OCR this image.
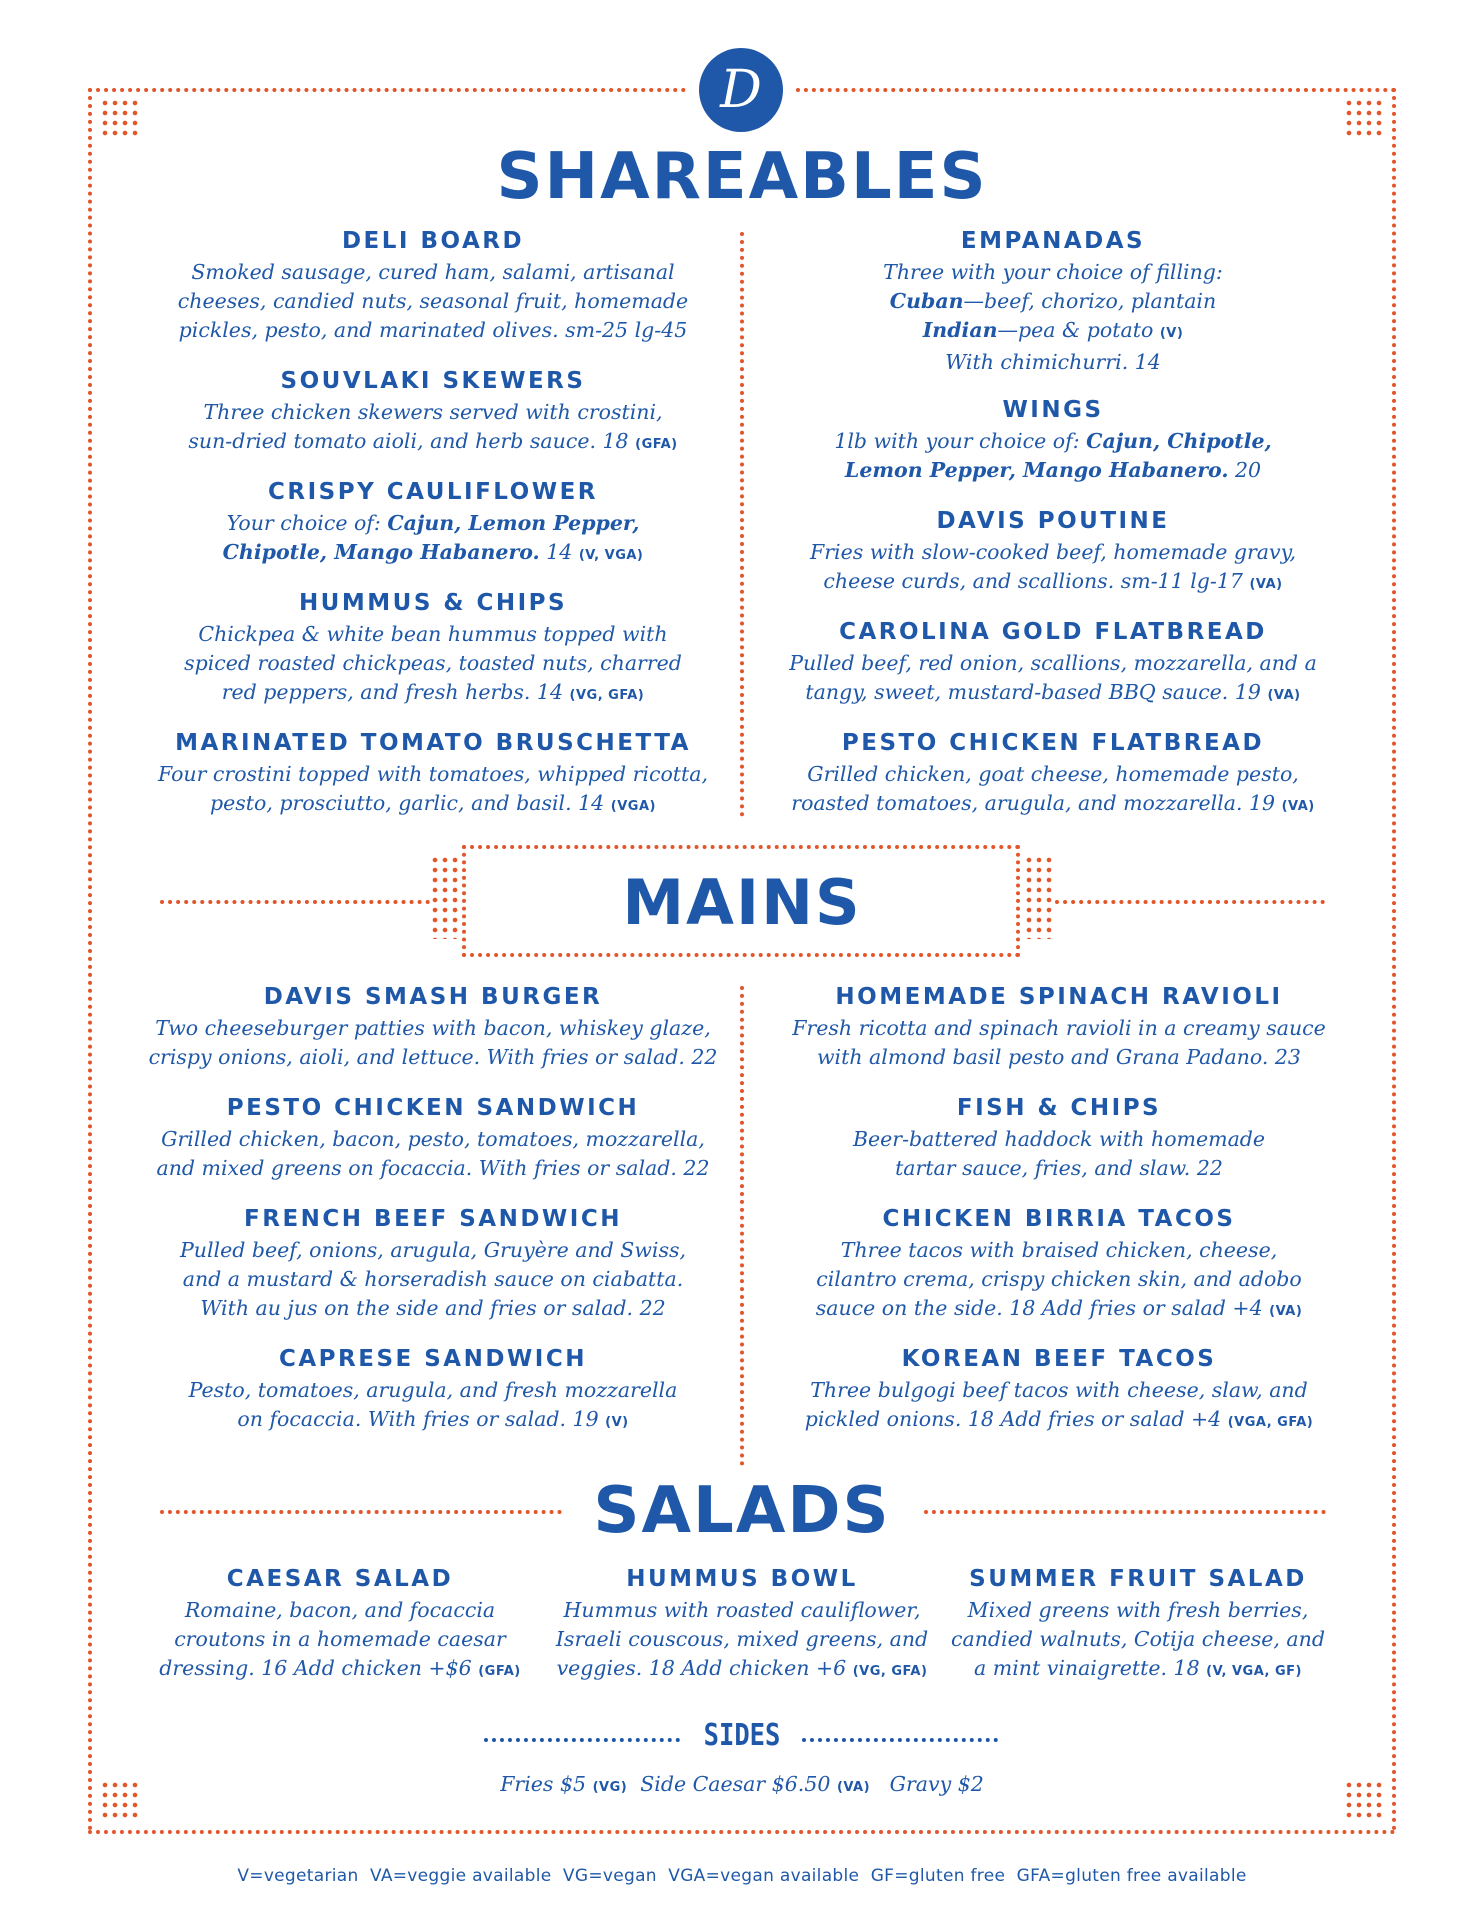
D
SHAREABLES
DELI BOARD
Smoked sausage, cured ham, salami, artisanal
cheeses, candied nuts, seasonal fruit, homemade
pickles, pesto, and marinated olives. sm-25 lg-45
SOUVLAKI SKEWERS
Three chicken skewers served with crostini,
sun-dried tomato aioli, and herb sauce. 18 (GFA)
CRISPY CAULIFLOWER
Your choice of: Cajun, Lemon Pepper,
Chipotle, Mango Habanero. 14 (V, VGA)
HUMMUS & CHIPS
Chickpea & white bean hummus topped with
spiced roasted chickpeas, toasted nuts, charred
red peppers, and fresh herbs. 14 (VG, GFA)
MARINATED TOMATO BRUSCHETTA
Four crostini topped with tomatoes, whipped ricotta,
pesto, prosciutto, garlic, and basil. 14 (VGA)
EMPANADAS
Three with your choice of filling:
Cuban—beef, chorizo, plantain
Indian—pea & potato (V)
With chimichurri. 14
WINGS
1lb with your choice of: Cajun, Chipotle,
Lemon Pepper, Mango Habanero. 20
DAVIS POUTINE
Fries with slow-cooked beef, homemade gravy,
cheese curds, and scallions. sm-11 lg-17 (VA)
CAROLINA GOLD FLATBREAD
Pulled beef, red onion, scallions, mozzarella, and a
tangy, sweet, mustard-based BBQ sauce. 19 (VA)
PESTO CHICKEN FLATBREAD
Grilled chicken, goat cheese, homemade pesto,
roasted tomatoes, arugula, and mozzarella. 19 (VA)
MAINS
DAVIS SMASH BURGER
Two cheeseburger patties with bacon, whiskey glaze,
crispy onions, aioli, and lettuce. With fries or salad. 22
PESTO CHICKEN SANDWICH
Grilled chicken, bacon, pesto, tomatoes, mozzarella,
and mixed greens on focaccia. With fries or salad. 22
FRENCH BEEF SANDWICH
Pulled beef, onions, arugula, Gruyère and Swiss,
and a mustard & horseradish sauce on ciabatta.
With au jus on the side and fries or salad. 22
CAPRESE SANDWICH
Pesto, tomatoes, arugula, and fresh mozzarella
on focaccia. With fries or salad. 19 (V)
HOMEMADE SPINACH RAVIOLI
Fresh ricotta and spinach ravioli in a creamy sauce
with almond basil pesto and Grana Padano. 23
FISH & CHIPS
Beer-battered haddock with homemade
tartar sauce, fries, and slaw. 22
CHICKEN BIRRIA TACOS
Three tacos with braised chicken, cheese,
cilantro crema, crispy chicken skin, and adobo
sauce on the side. 18 Add fries or salad +4 (VA)
KOREAN BEEF TACOS
Three bulgogi beef tacos with cheese, slaw, and
pickled onions. 18 Add fries or salad +4 (VGA, GFA)
SALADS
CAESAR SALAD
Romaine, bacon, and focaccia
croutons in a homemade caesar
dressing. 16 Add chicken +$6 (GFA)
HUMMUS BOWL
Hummus with roasted cauliflower,
Israeli couscous, mixed greens, and
veggies. 18 Add chicken +6 (VG, GFA)
SUMMER FRUIT SALAD
Mixed greens with fresh berries,
candied walnuts, Cotija cheese, and
a mint vinaigrette. 18 (V, VGA, GF)
SIDES
Fries $5 (VG) Side Caesar $6.50 (VA) Gravy $2
V=vegetarian  VA=veggie available  VG=vegan  VGA=vegan available  GF=gluten free  GFA=gluten free available
